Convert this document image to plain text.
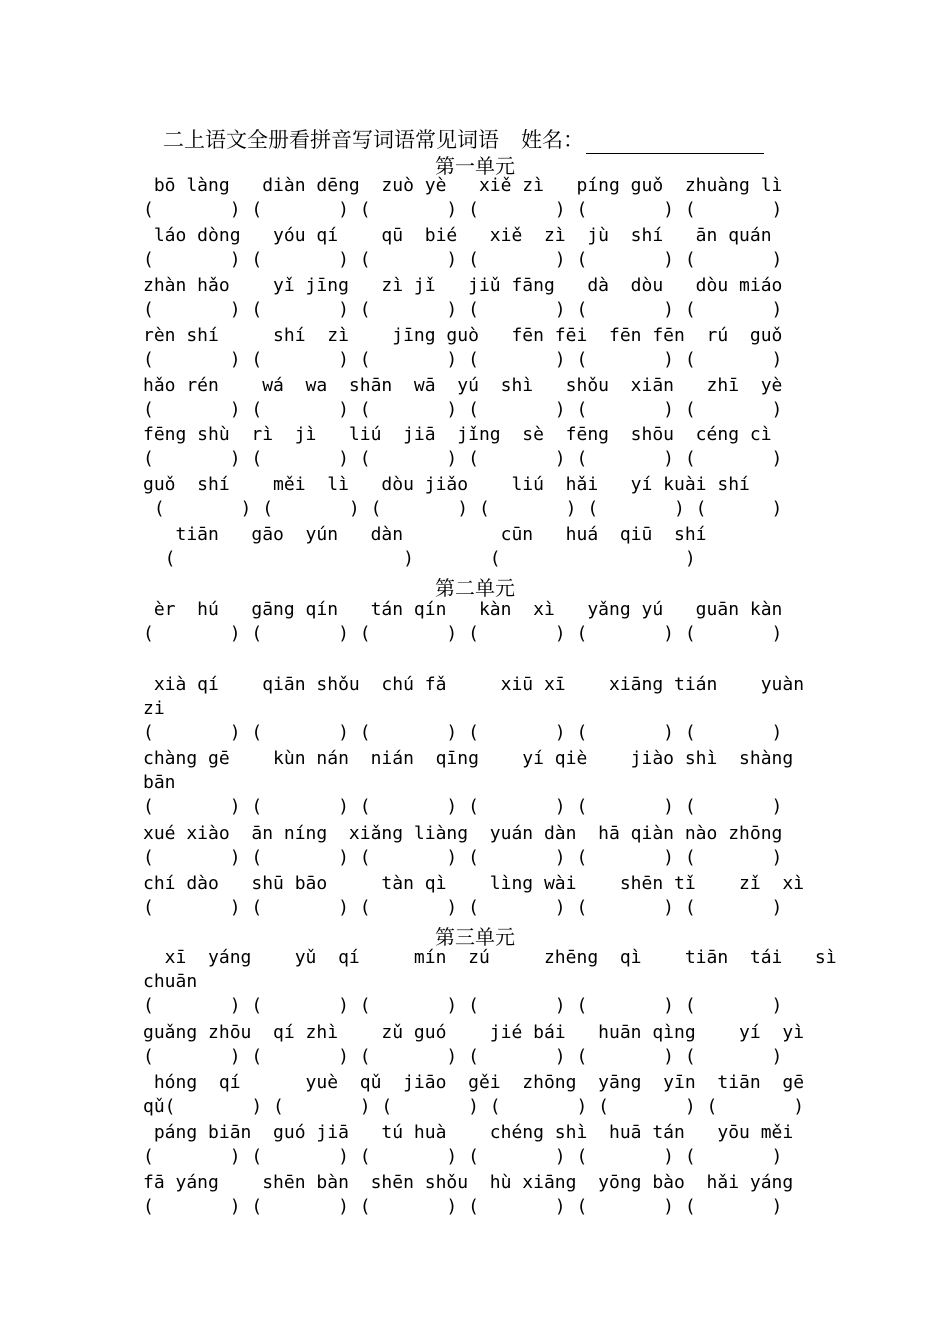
二上语文全册看拼音写词语常见词语 姓名：
第一单元
bō làng   diàn dēng  zuò yè   xiě zì   píng guǒ  zhuàng lì
(       ) (       ) (       ) (       ) (       ) (       )
láo dòng   yóu qí    qū  bié   xiě  zì  jù  shí   ān quán
(       ) (       ) (       ) (       ) (       ) (       )
zhàn hǎo    yǐ jīng   zì jǐ   jiǔ fāng   dà  dòu   dòu miáo
(       ) (       ) (       ) (       ) (       ) (       )
rèn shí     shí  zì    jīng guò   fēn fēi  fēn fēn  rú  guǒ
(       ) (       ) (       ) (       ) (       ) (       )
hǎo rén    wá  wa  shān  wā  yú  shì   shǒu  xiān   zhī  yè
(       ) (       ) (       ) (       ) (       ) (       )
fēng shù  rì  jì   liú  jiā  jǐng  sè  fēng  shōu  céng cì
(       ) (       ) (       ) (       ) (       ) (       )
guǒ  shí    měi  lì   dòu jiǎo    liú  hǎi   yí kuài shí
(       ) (       ) (       ) (       ) (       ) (      )
tiān   gāo  yún   dàn         cūn   huá  qiū  shí
(                     )       (                 )
第二单元
èr  hú   gāng qín   tán qín   kàn  xì   yǎng yú   guān kàn
(       ) (       ) (       ) (       ) (       ) (       )
xià qí    qiān shǒu  chú fǎ     xiū xī    xiāng tián    yuàn
zi
(       ) (       ) (       ) (       ) (       ) (       )
chàng gē    kùn nán  nián  qīng    yí qiè    jiào shì  shàng
bān
(       ) (       ) (       ) (       ) (       ) (       )
xué xiào  ān níng  xiǎng liàng  yuán dàn  hā qiàn nào zhōng
(       ) (       ) (       ) (       ) (       ) (       )
chí dào   shū bāo     tàn qì    lìng wài    shēn tǐ    zǐ  xì
(       ) (       ) (       ) (       ) (       ) (       )
第三单元
xī  yáng    yǔ  qí     mín  zú     zhēng  qì    tiān  tái   sì
chuān
(       ) (       ) (       ) (       ) (       ) (       )
guǎng zhōu  qí zhì    zǔ guó    jié bái   huān qìng    yí  yì
(       ) (       ) (       ) (       ) (       ) (       )
hóng  qí      yuè  qǔ  jiāo  gěi  zhōng  yāng  yīn  tiān  gē
qǔ(       ) (       ) (       ) (       ) (       ) (       )
páng biān  guó jiā   tú huà    chéng shì  huā tán   yōu měi
(       ) (       ) (       ) (       ) (       ) (       )
fā yáng    shēn bàn  shēn shǒu  hù xiāng  yōng bào  hǎi yáng
(       ) (       ) (       ) (       ) (       ) (       )
